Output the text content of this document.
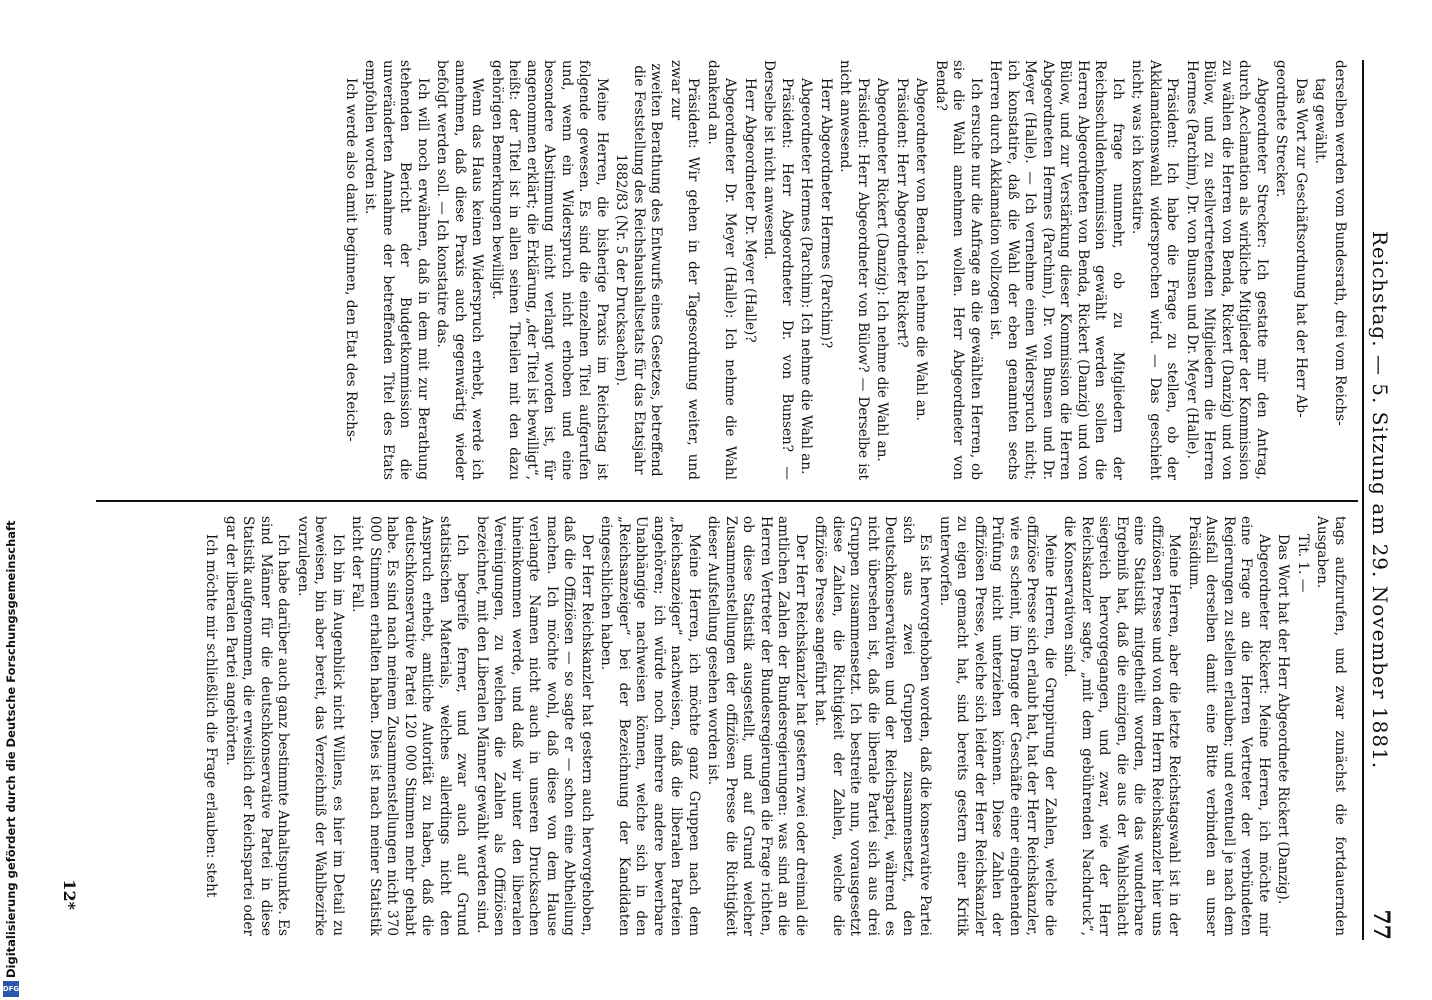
Reichstag. — 5. Sitzung am 29. November 1881.
77

derselben werden vom Bundesrath, drei vom Reichs-

tag gewählt.

Das Wort zur Geschäftsordnung hat der Herr Ab-

geordnete Strecker.

Abgeordneter Strecker: Ich gestatte mir den Antrag, durch Acclamation als wirkliche Mitglieder der Kommission zu wählen die Herren von Benda, Rickert (Danzig) und von Bülow, und zu stellvertretenden Mitgliedern die Herren Hermes (Parchim), Dr. von Bunsen und Dr. Meyer (Halle).

Präsident: Ich habe die Frage zu stellen, ob der Akklamationswahl widersprochen wird. — Das geschieht nicht; was ich konstatire.

Ich frage nunmehr, ob zu Mitgliedern der Reichsschuldenkommission gewählt werden sollen die Herren Abgeordneten von Benda, Rickert (Danzig) und von Bülow, und zur Verstärkung dieser Kommission die Herren Abgeordneten Hermes (Parchim), Dr. von Bunsen und Dr. Meyer (Halle). — Ich vernehme einen Widerspruch nicht; ich konstatire, daß die Wahl der eben genannten sechs Herren durch Akklamation vollzogen ist.

Ich ersuche nur die Anfrage an die gewählten Herren, ob sie die Wahl annehmen wollen. Herr Abgeordneter von Benda?

Abgeordneter von Benda: Ich nehme die Wahl an.

Präsident: Herr Abgeordneter Rickert?

Abgeordneter Rickert (Danzig): Ich nehme die Wahl an.

Präsident: Herr Abgeordneter von Bülow? — Derselbe ist nicht anwesend.

Herr Abgeordneter Hermes (Parchim)?

Abgeordneter Hermes (Parchim): Ich nehme die Wahl an.

Präsident: Herr Abgeordneter Dr. von Bunsen? — Derselbe ist nicht anwesend.

Herr Abgeordneter Dr. Meyer (Halle)?

Abgeordneter Dr. Meyer (Halle): Ich nehme die Wahl dankend an.

Präsident: Wir gehen in der Tagesordnung weiter, und zwar zur

zweiten Berathung des Entwurfs eines Gesetzes, betreffend die Feststellung des Reichshaushaltsetats für das Etatsjahr 1882/83 (Nr. 5 der Drucksachen).

Meine Herren, die bisherige Praxis im Reichstag ist folgende gewesen. Es sind die einzelnen Titel aufgerufen und, wenn ein Widerspruch nicht erhoben und eine besondere Abstimmung nicht verlangt worden ist, für angenommen erklärt; die Erklärung, „der Titel ist bewilligt“, heißt: der Titel ist in allen seinen Theilen mit den dazu gehörigen Bemerkungen bewilligt.

Wenn das Haus keinen Widerspruch erhebt, werde ich annehmen, daß diese Praxis auch gegenwärtig wieder befolgt werden soll. — Ich konstatire das.

Ich will noch erwähnen, daß in dem mit zur Berathung stehenden Bericht der Budgetkommission die unveränderten Annahme der betreffenden Titel des Etats empfohlen worden ist.

Ich werde also damit beginnen, den Etat des Reichs-

tags aufzurufen, und zwar zunächst die fortdauernden Ausgaben.

Tit. 1. —

Das Wort hat der Herr Abgeordnete Rickert (Danzig).

Abgeordneter Rickert: Meine Herren, ich möchte mir eine Frage an die Herren Vertreter der verbündeten Regierungen zu stellen erlauben; und eventuell je nach dem Ausfall derselben damit eine Bitte verbinden an unser Präsidium.

Meine Herren, aber die letzte Reichstagswahl ist in der offiziösen Presse und von dem Herrn Reichskanzler hier uns eine Statistik mitgetheilt worden, die das wunderbare Ergebniß hat, daß die einzigen, die aus der Wahlschlacht siegreich hervorgegangen, und zwar, wie der Herr Reichskanzler sagte, „mit dem gebührenden Nachdruck“, die Konservativen sind.

Meine Herren, die Gruppirung der Zahlen, welche die offiziöse Presse sich erlaubt hat, hat der Herr Reichskanzler, wie es scheint, im Drange der Geschäfte einer eingehenden Prüfung nicht unterziehen können. Diese Zahlen der offiziösen Presse, welche sich leider der Herr Reichskanzler zu eigen gemacht hat, sind bereits gestern einer Kritik unterworfen.

Es ist hervorgehoben worden, daß die konservative Partei sich aus zwei Gruppen zusammensetzt, den Deutschkonservativen und der Reichspartei, während es nicht übersehen ist, daß die liberale Partei sich aus drei Gruppen zusammensetzt. Ich bestreite nun, vorausgesetzt diese Zahlen, die Richtigkeit der Zahlen, welche die offiziöse Presse angeführt hat.

Der Herr Reichskanzler hat gestern zwei oder dreimal die amtlichen Zahlen der Bundesregierungen: was sind an die Herren Vertreter der Bundesregierungen die Frage richten, ob diese Statistik ausgestellt, und auf Grund welcher Zusammenstellungen der offiziösen Presse die Richtigkeit dieser Aufstellung gesehen worden ist.

Meine Herren, ich möchte ganz Gruppen nach dem „Reichsanzeiger“ nachweisen, daß die liberalen Parteien angehören; ich würde noch mehrere andere bewerbare Unabhängige nachweisen können, welche sich in den „Reichsanzeiger“ bei der Bezeichnung der Kandidaten eingeschlichen haben.

Der Herr Reichskanzler hat gestern auch hervorgehoben, daß die Offiziösen — so sagte er — schon eine Abtheilung machen. Ich möchte wohl, daß diese von dem Hause verlangte Namen nicht auch in unseren Drucksachen hineinkommen werde, und daß wir unter den liberalen Vereinigungen, zu welchen die Zahlen als Offiziösen bezeichnet, mit den Liberalen Männer gewählt werden sind.

Ich begreife ferner, und zwar auch auf Grund statistischen Materials, welches allerdings nicht den Anspruch erhebt, amtliche Autorität zu haben, daß die deutschkonservative Partei 120 000 Stimmen mehr gehabt habe. Es sind nach meinem Zusammenstellungen nicht 370 000 Stimmen erhalten haben. Dies ist nach meiner Statistik nicht der Fall.

Ich bin im Augenblick nicht Willens, es hier im Detail zu beweisen, bin aber bereit, das Verzeichniß der Wahlbezirke vorzulegen.

Ich habe darüber auch ganz bestimmte Anhaltspunkte. Es sind Männer für die deutschkonservative Partei in diese Statistik aufgenommen, die erweislich der Reichspartei oder gar der liberalen Partei angehörten.

Ich möchte mir schließlich die Frage erlauben: steht

12*
Digitalisierung gefördert durch die Deutsche Forschungsgemeinschaft
DFG
